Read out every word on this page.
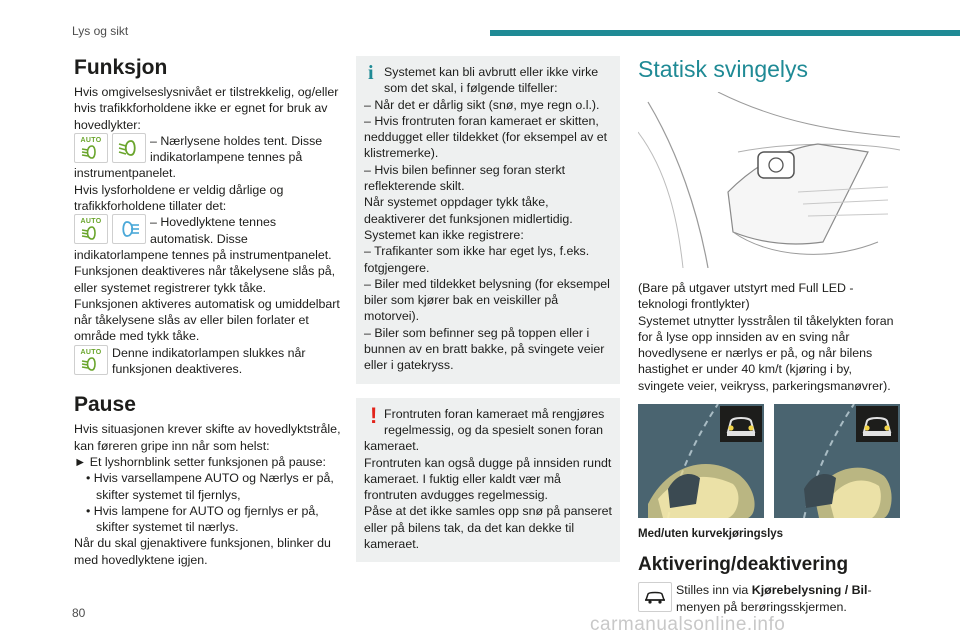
Lys og sikt
Funksjon

Hvis omgivelseslysnivået er tilstrekkelig, og/eller hvis trafikkforholdene ikke er egnet for bruk av hovedlykter:

AUTO	– Nærlysene holdes tent. Disse indikatorlampene tennes på

instrumentpanelet.

Hvis lysforholdene er veldig dårlige og trafikkforholdene tillater det:

AUTO	– Hovedlyktene tennes automatisk. Disse

indikatorlampene tennes på instrumentpanelet.

Funksjonen deaktiveres når tåkelysene slås på, eller systemet registrerer tykk tåke.

Funksjonen aktiveres automatisk og umiddelbart når tåkelysene slås av eller bilen forlater et område med tykk tåke.

AUTO Denne indikatorlampen slukkes når funksjonen deaktiveres.
Pause

Hvis situasjonen krever skifte av hovedlyktstråle, kan føreren gripe inn når som helst:

► Et lyshornblink setter funksjonen på pause:

• Hvis varsellampene AUTO og Nærlys er på, skifter systemet til fjernlys,
• Hvis lampene for AUTO og fjernlys er på, skifter systemet til nærlys.

Når du skal gjenaktivere funksjonen, blinker du med hovedlyktene igjen.

i Systemet kan bli avbrutt eller ikke virke som det skal, i følgende tilfeller:

– Når det er dårlig sikt (snø, mye regn o.l.).

– Hvis frontruten foran kameraet er skitten, neddugget eller tildekket (for eksempel av et klistremerke).

– Hvis bilen befinner seg foran sterkt reflekterende skilt.

Når systemet oppdager tykk tåke, deaktiverer det funksjonen midlertidig.

Systemet kan ikke registrere:

– Trafikanter som ikke har eget lys, f.eks. fotgjengere.

– Biler med tildekket belysning (for eksempel biler som kjører bak en veiskiller på motorvei).

– Biler som befinner seg på toppen eller i bunnen av en bratt bakke, på svingete veier eller i gatekryss.

! Frontruten foran kameraet må rengjøres regelmessig, og da spesielt sonen foran

kameraet.

Frontruten kan også dugge på innsiden rundt kameraet. I fuktig eller kaldt vær må frontruten avdugges regelmessig.

Påse at det ikke samles opp snø på panseret eller på bilens tak, da det kan dekke til kameraet.

Statisk svingelys

(Bare på utgaver utstyrt med Full LED -teknologi frontlykter)

Systemet utnytter lysstrålen til tåkelykten foran for å lyse opp innsiden av en sving når hovedlysene er nærlys er på, og når bilens hastighet er under 40 km/t (kjøring i by, svingete veier, veikryss, parkeringsmanøvrer).

Med/uten kurvekjøringslys
Aktivering/deaktivering
Stilles inn via Kjørebelysning / Bil-menyen på berøringsskjermen.
80
carmanualsonline.info
